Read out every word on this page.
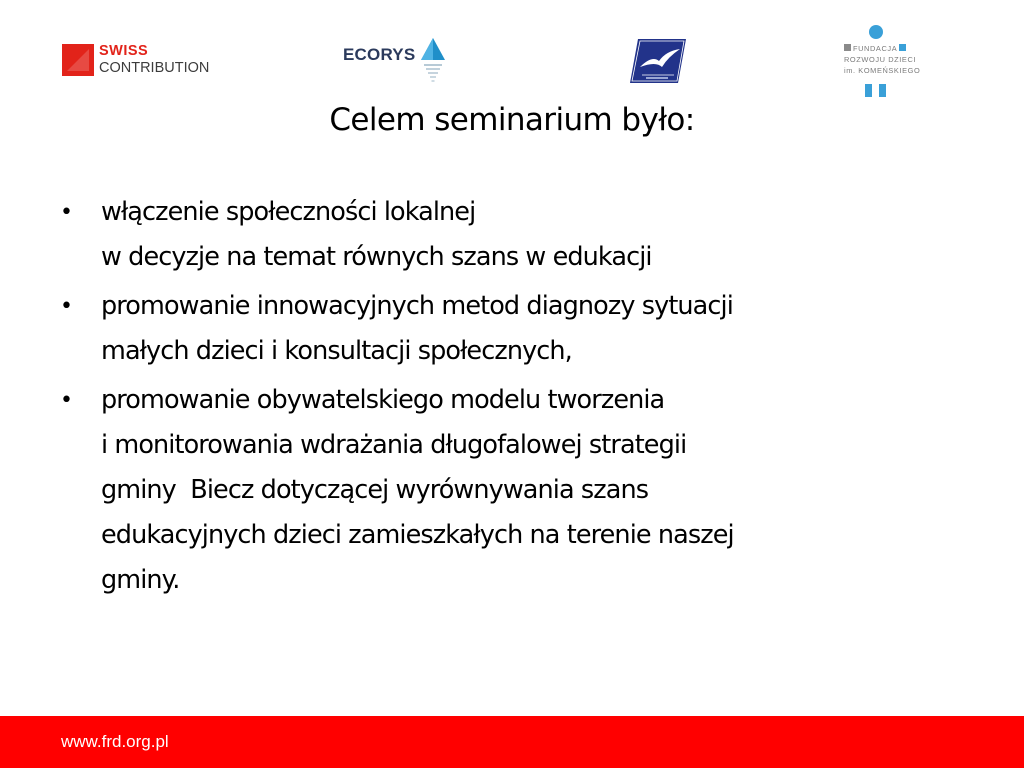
SWISS
CONTRIBUTION
ECORYS	FUNDACJA
ROZWOJU DZIECI
im. KOMEŃSKIEGO
Celem seminarium było:
•	włączenie społeczności lokalnej
w decyzje na temat równych szans w edukacji
•	promowanie innowacyjnych metod diagnozy sytuacji
małych dzieci i konsultacji społecznych,
•	promowanie obywatelskiego modelu tworzenia
i monitorowania wdrażania długofalowej strategii
gminy  Biecz dotyczącej wyrównywania szans
edukacyjnych dzieci zamieszkałych na terenie naszej
gminy.
www.frd.org.pl
